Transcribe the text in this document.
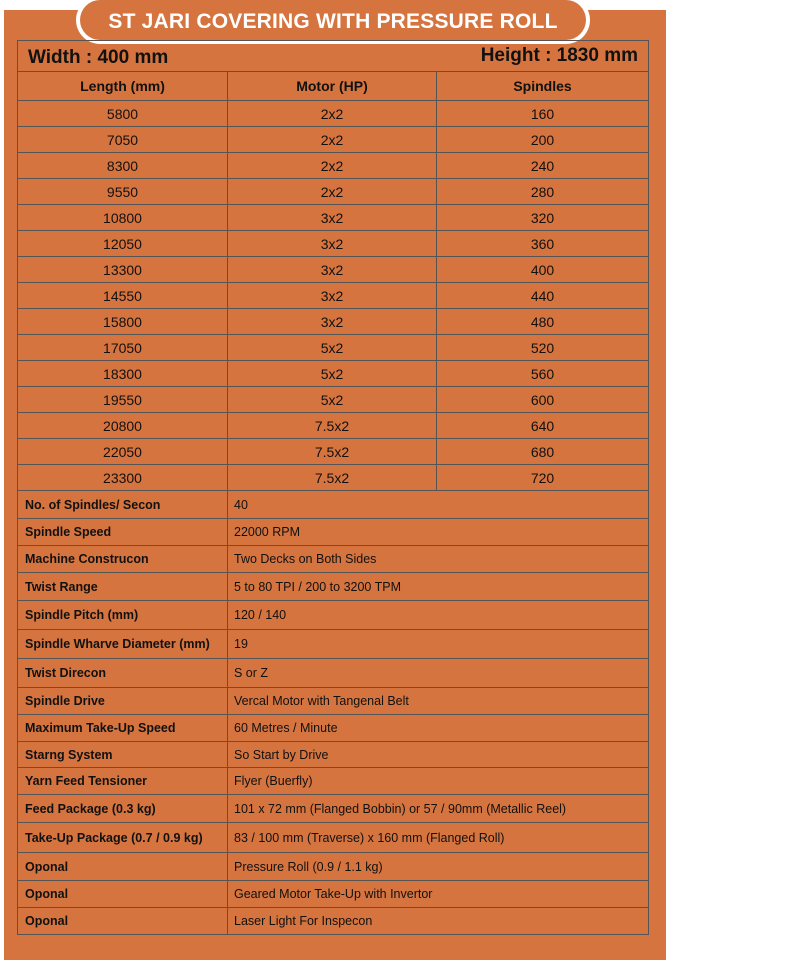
ST JARI COVERING WITH PRESSURE ROLL
Width : 400 mm Height : 1830 mm		

Length (mm)	Motor (HP)	Spindles
5800	2x2	160
7050	2x2	200
8300	2x2	240
9550	2x2	280
10800	3x2	320
12050	3x2	360
13300	3x2	400
14550	3x2	440
15800	3x2	480
17050	5x2	520
18300	5x2	560
19550	5x2	600
20800	7.5x2	640
22050	7.5x2	680
23300	7.5x2	720
No. of Spindles/ Secon	40	
Spindle Speed	22000 RPM	
Machine Construcon	Two Decks on Both Sides	
Twist Range	5 to 80 TPI / 200 to 3200 TPM	
Spindle Pitch (mm)	120 / 140	
Spindle Wharve Diameter (mm)	19	
Twist Direcon	S or Z	
Spindle Drive	Vercal Motor with Tangenal Belt	
Maximum Take-Up Speed	60 Metres / Minute	
Starng System	So Start by Drive	
Yarn Feed Tensioner	Flyer (Buerfly)	
Feed Package (0.3 kg)	101 x 72 mm (Flanged Bobbin) or 57 / 90mm (Metallic Reel)	
Take-Up Package (0.7 / 0.9 kg)	83 / 100 mm (Traverse) x 160 mm (Flanged Roll)	
Oponal	Pressure Roll (0.9 / 1.1 kg)	
Oponal	Geared Motor Take-Up with Invertor	
Oponal	Laser Light For Inspecon	
